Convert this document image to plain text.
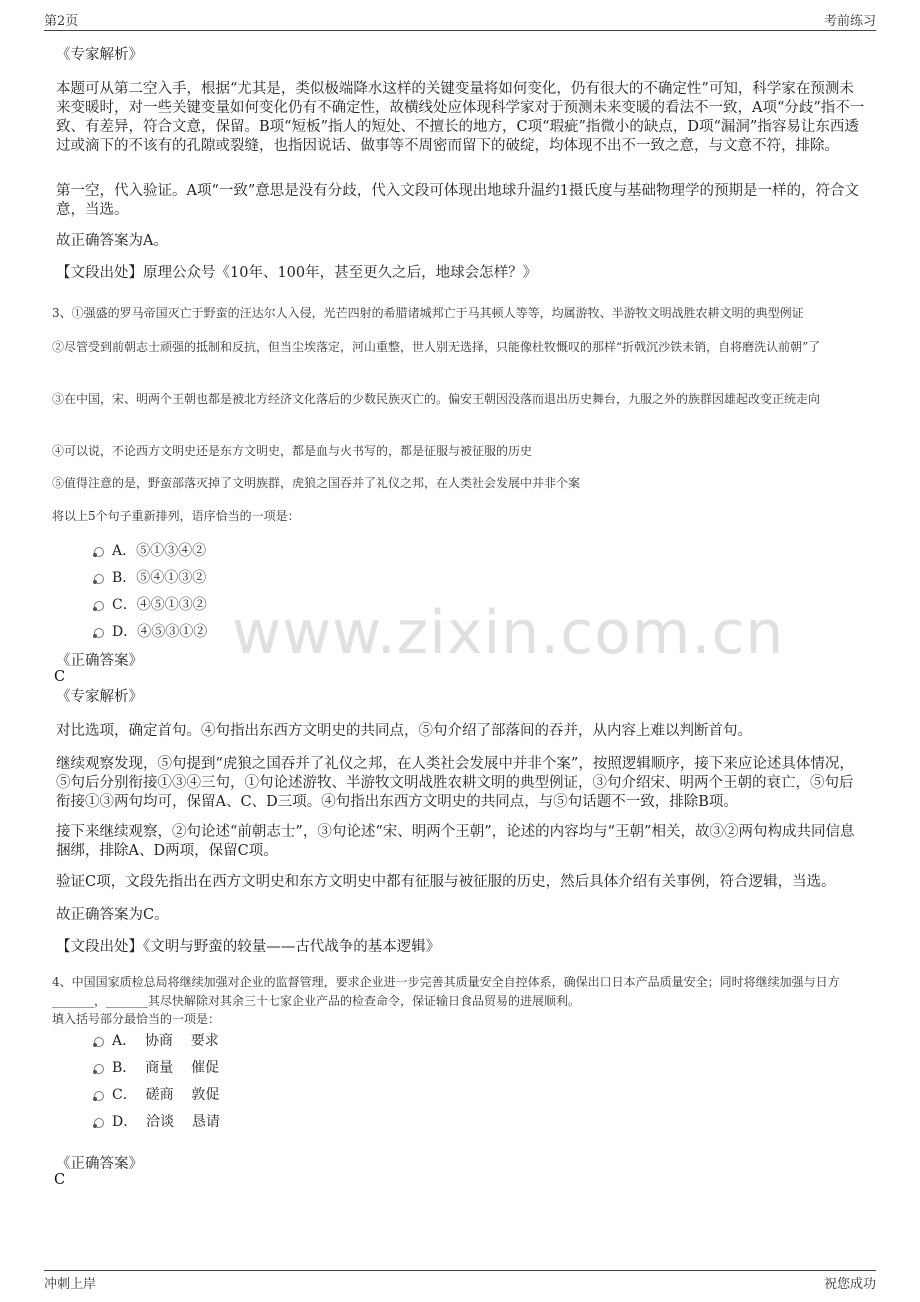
第2页	考前练习
www.zixin.com.cn
《专家解析》
本题可从第二空入手，根据“尤其是，类似极端降水这样的关键变量将如何变化，仍有很大的不确定性”可知，科学家在预测未来变暖时，对一些关键变量如何变化仍有不确定性，故横线处应体现科学家对于预测未来变暖的看法不一致，A项“分歧”指不一致、有差异，符合文意，保留。B项“短板”指人的短处、不擅长的地方，C项“瑕疵”指微小的缺点，D项“漏洞”指容易让东西透过或滴下的不该有的孔隙或裂缝，也指因说话、做事等不周密而留下的破绽，均体现不出不一致之意，与文意不符，排除。
第一空，代入验证。A项“一致”意思是没有分歧，代入文段可体现出地球升温约1摄氏度与基础物理学的预期是一样的，符合文意，当选。
故正确答案为A。
【文段出处】原理公众号《10年、100年，甚至更久之后，地球会怎样？》
3、①强盛的罗马帝国灭亡于野蛮的汪达尔人入侵，光芒四射的希腊诸城邦亡于马其顿人等等，均属游牧、半游牧文明战胜农耕文明的典型例证
②尽管受到前朝志士顽强的抵制和反抗，但当尘埃落定，河山重整，世人别无选择，只能像杜牧慨叹的那样“折戟沉沙铁未销，自将磨洗认前朝”了
③在中国，宋、明两个王朝也都是被北方经济文化落后的少数民族灭亡的。偏安王朝因没落而退出历史舞台，九服之外的族群因雄起改变正统走向
④可以说，不论西方文明史还是东方文明史，都是血与火书写的，都是征服与被征服的历史
⑤值得注意的是，野蛮部落灭掉了文明族群，虎狼之国吞并了礼仪之邦，在人类社会发展中并非个案
将以上5个句子重新排列，语序恰当的一项是：
A．⑤①③④②
B．⑤④①③②
C．④⑤①③②
D．④⑤③①②
《正确答案》
C
《专家解析》
对比选项，确定首句。④句指出东西方文明史的共同点，⑤句介绍了部落间的吞并，从内容上难以判断首句。
继续观察发现，⑤句提到“虎狼之国吞并了礼仪之邦，在人类社会发展中并非个案”，按照逻辑顺序，接下来应论述具体情况，⑤句后分别衔接①③④三句，①句论述游牧、半游牧文明战胜农耕文明的典型例证，③句介绍宋、明两个王朝的衰亡，⑤句后衔接①③两句均可，保留A、C、D三项。④句指出东西方文明史的共同点，与⑤句话题不一致，排除B项。
接下来继续观察，②句论述“前朝志士”，③句论述“宋、明两个王朝”，论述的内容均与“王朝”相关，故③②两句构成共同信息捆绑，排除A、D两项，保留C项。
验证C项，文段先指出在西方文明史和东方文明史中都有征服与被征服的历史，然后具体介绍有关事例，符合逻辑，当选。
故正确答案为C。
【文段出处】《文明与野蛮的较量——古代战争的基本逻辑》
4、中国国家质检总局将继续加强对企业的监督管理，要求企业进一步完善其质量安全自控体系，确保出口日本产品质量安全；同时将继续加强与日方_______，_______其尽快解除对其余三十七家企业产品的检查命令，保证输日食品贸易的进展顺利。
填入括号部分最恰当的一项是：
A．  协商    要求
B．  商量    催促
C．  磋商    敦促
D．  洽谈    恳请
《正确答案》
C
冲刺上岸	祝您成功
